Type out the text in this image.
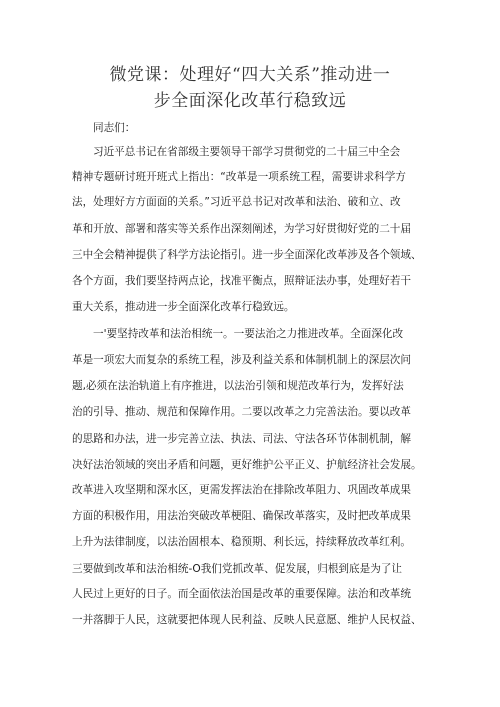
微党课：处理好“四大关系”推动进一
步全面深化改革行稳致远
同志们：
习近平总书记在省部级主要领导干部学习贯彻党的二十届三中全会
精神专题研讨班开班式上指出：“改革是一项系统工程，需要讲求科学方
法，处理好方方面面的关系。”习近平总书记对改革和法治、破和立、改
革和开放、部署和落实等关系作出深刻阐述，为学习好贯彻好党的二十届
三中全会精神提供了科学方法论指引。进一步全面深化改革涉及各个领域、
各个方面，我们要坚持两点论，找准平衡点，照辩证法办事，处理好若干
重大关系，推动进一步全面深化改革行稳致远。
一'要坚持改革和法治相统一。一要法治之力推进改革。全面深化改
革是一项宏大而复杂的系统工程，涉及利益关系和体制机制上的深层次问
题,必须在法治轨道上有序推进，以法治引领和规范改革行为，发挥好法
治的引导、推动、规范和保障作用。二要以改革之力完善法治。要以改革
的思路和办法，进一步完善立法、执法、司法、守法各环节体制机制，解
决好法治领域的突出矛盾和问题，更好维护公平正义、护航经济社会发展。
改革进入攻坚期和深水区，更需发挥法治在排除改革阻力、巩固改革成果
方面的积极作用，用法治突破改革梗阻、确保改革落实，及时把改革成果
上升为法律制度，以法治固根本、稳预期、利长远，持续释放改革红利。
三要做到改革和法治相统-O我们党抓改革、促发展，归根到底是为了让
人民过上更好的日子。而全面依法治国是改革的重要保障。法治和改革统
一并落脚于人民，这就要把体现人民利益、反映人民意愿、维护人民权益、
